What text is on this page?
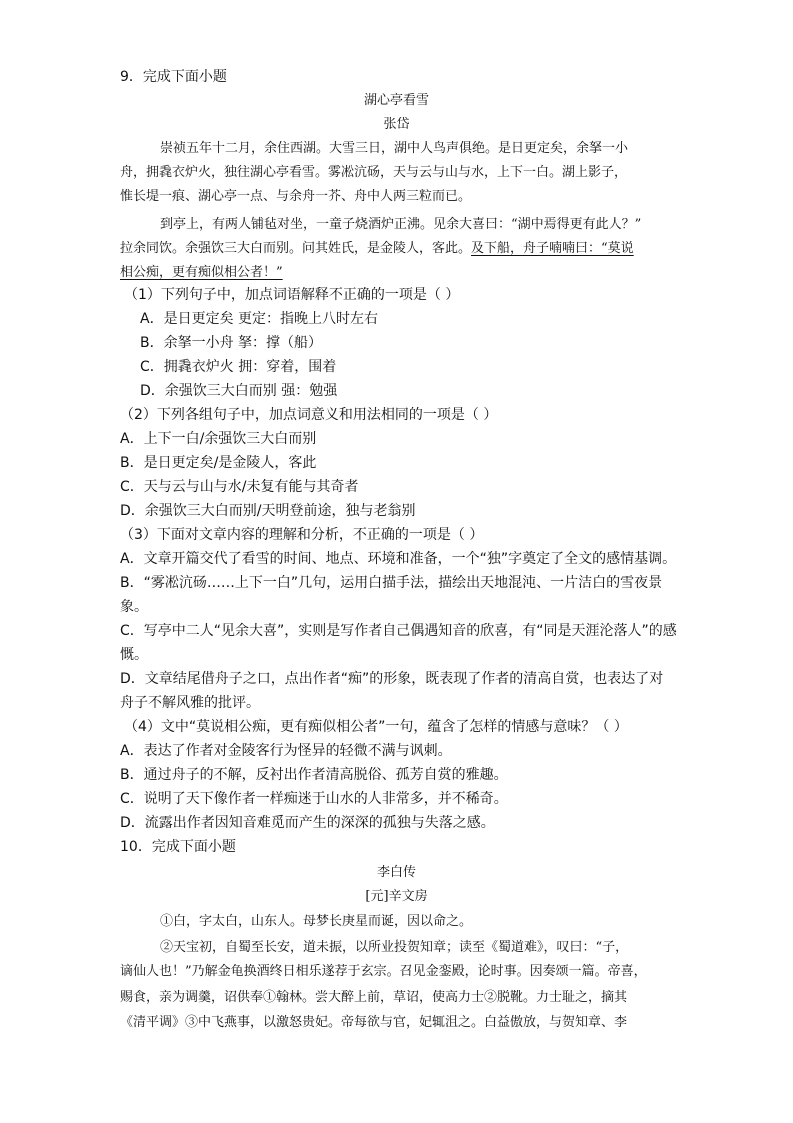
9．完成下面小题
湖心亭看雪
张岱
崇祯五年十二月，余住西湖。大雪三日，湖中人鸟声俱绝。是日更定矣，余拏一小
舟，拥毳衣炉火，独往湖心亭看雪。雾凇沆砀，天与云与山与水，上下一白。湖上影子，
惟长堤一痕、湖心亭一点、与余舟一芥、舟中人两三粒而已。
到亭上，有两人铺毡对坐，一童子烧酒炉正沸。见余大喜曰：“湖中焉得更有此人？”
拉余同饮。余强饮三大白而别。问其姓氏，是金陵人，客此。及下船，舟子喃喃曰：“莫说
相公痴，更有痴似相公者！”
（1）下列句子中，加点词语解释不正确的一项是（ ）
A．是日更定矣 更定：指晚上八时左右
B．余拏一小舟 拏：撑（船）
C．拥毳衣炉火 拥：穿着，围着
D．余强饮三大白而别 强：勉强
（2）下列各组句子中，加点词意义和用法相同的一项是（ ）
A．上下一白/余强饮三大白而别
B．是日更定矣/是金陵人，客此
C．天与云与山与水/未复有能与其奇者
D．余强饮三大白而别/天明登前途，独与老翁别
（3）下面对文章内容的理解和分析，不正确的一项是（ ）
A．文章开篇交代了看雪的时间、地点、环境和准备，一个“独”字奠定了全文的感情基调。
B．“雾凇沆砀……上下一白”几句，运用白描手法，描绘出天地混沌、一片洁白的雪夜景
象。
C．写亭中二人“见余大喜”，实则是写作者自己偶遇知音的欣喜，有“同是天涯沦落人”的感
慨。
D．文章结尾借舟子之口，点出作者“痴”的形象，既表现了作者的清高自赏，也表达了对
舟子不解风雅的批评。
（4）文中“莫说相公痴，更有痴似相公者”一句，蕴含了怎样的情感与意味？（ ）
A．表达了作者对金陵客行为怪异的轻微不满与讽刺。
B．通过舟子的不解，反衬出作者清高脱俗、孤芳自赏的雅趣。
C．说明了天下像作者一样痴迷于山水的人非常多，并不稀奇。
D．流露出作者因知音难觅而产生的深深的孤独与失落之感。
10．完成下面小题
李白传
[元]辛文房
①白，字太白，山东人。母梦长庚星而诞，因以命之。
②天宝初，自蜀至长安，道未振，以所业投贺知章；读至《蜀道难》，叹曰：“子，
谪仙人也！”乃解金龟换酒终日相乐遂荐于玄宗。召见金銮殿，论时事。因奏颂一篇。帝喜，
赐食，亲为调羹，诏供奉①翰林。尝大醉上前，草诏，使高力士②脱靴。力士耻之，摘其
《清平调》③中飞燕事，以激怒贵妃。帝每欲与官，妃辄沮之。白益傲放，与贺知章、李
